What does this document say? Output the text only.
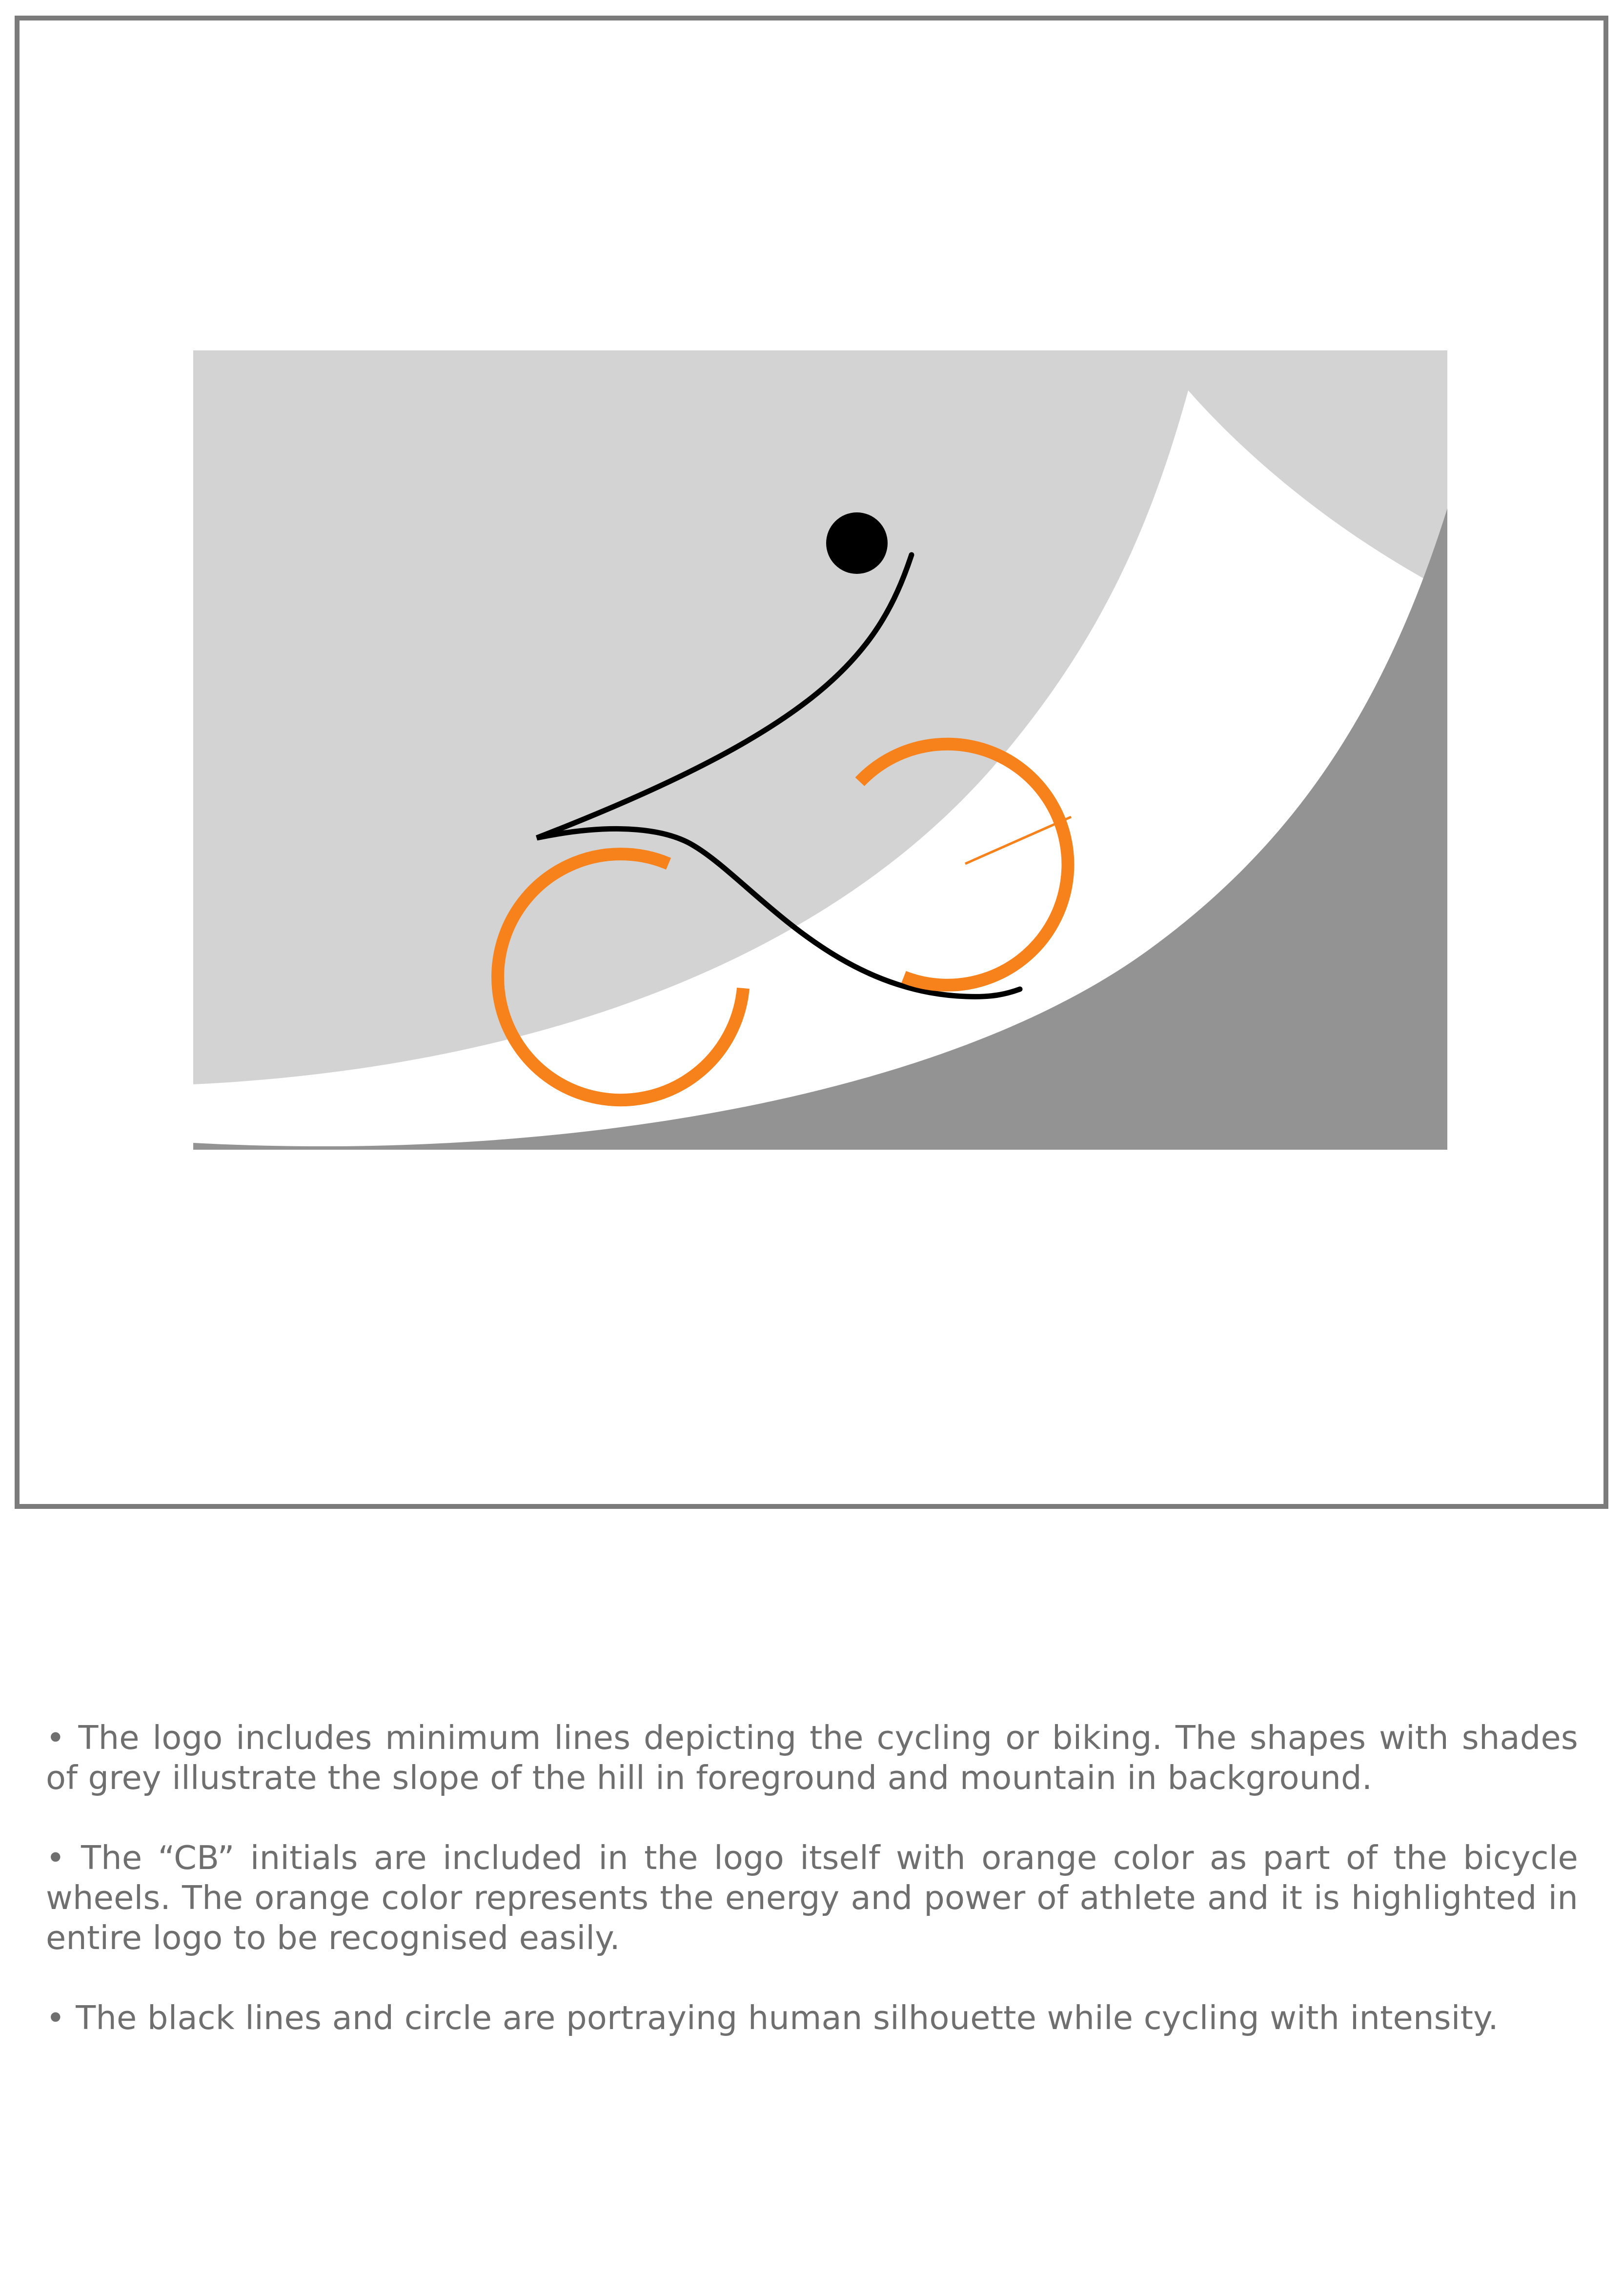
• The logo includes minimum lines depicting the cycling or biking. The shapes with shades of grey illustrate the slope of the hill in foreground and mountain in background.

• The “CB” initials are included in the logo itself with orange color as part of the bicycle wheels. The orange color represents the energy and power of athlete and it is highlighted in entire logo to be recognised easily.

• The black lines and circle are portraying human silhouette while cycling with intensity.
